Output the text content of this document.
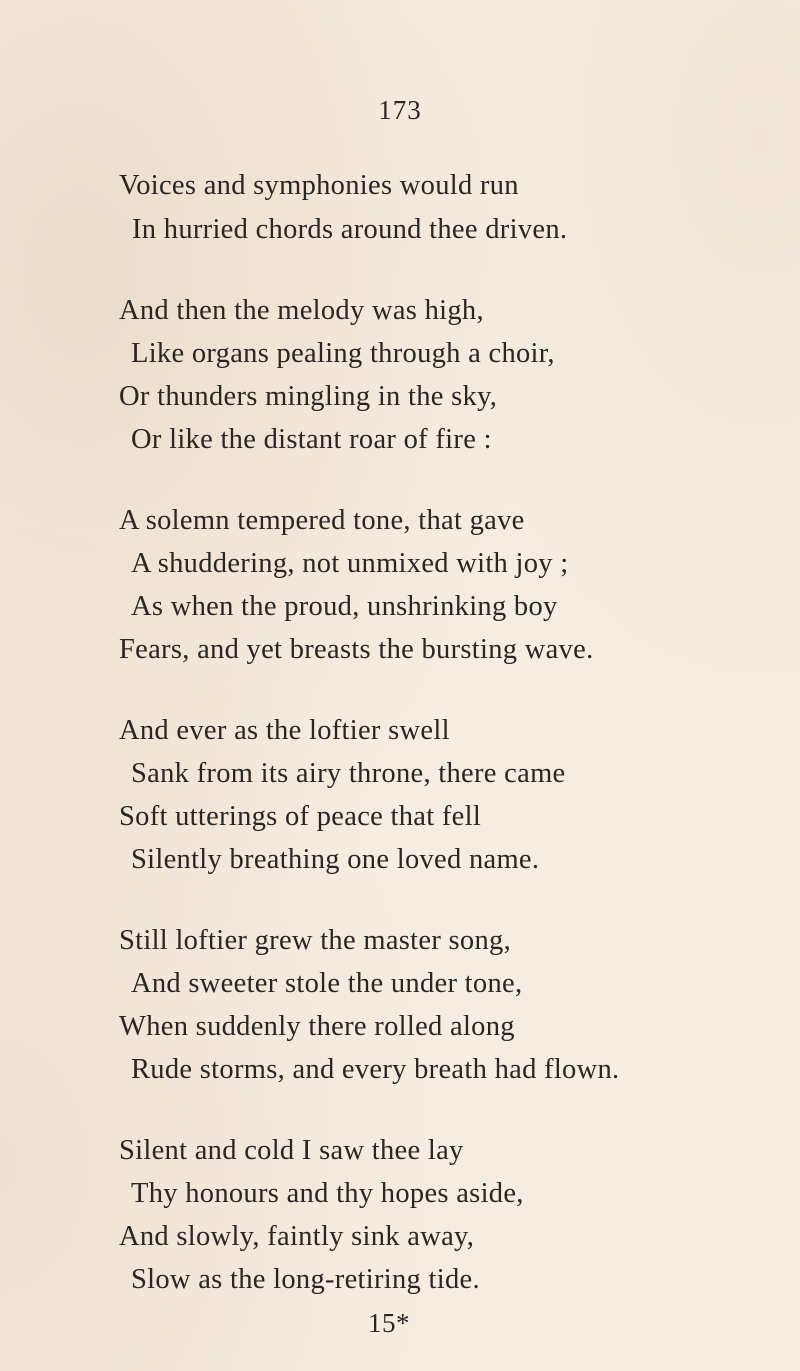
173
Voices and symphonies would run
In hurried chords around thee driven.
And then the melody was high,
Like organs pealing through a choir,
Or thunders mingling in the sky,
Or like the distant roar of fire :
A solemn tempered tone, that gave
A shuddering, not unmixed with joy ;
As when the proud, unshrinking boy
Fears, and yet breasts the bursting wave.
And ever as the loftier swell
Sank from its airy throne, there came
Soft utterings of peace that fell
Silently breathing one loved name.
Still loftier grew the master song,
And sweeter stole the under tone,
When suddenly there rolled along
Rude storms, and every breath had flown.
Silent and cold I saw thee lay
Thy honours and thy hopes aside,
And slowly, faintly sink away,
Slow as the long-retiring tide.
15*
